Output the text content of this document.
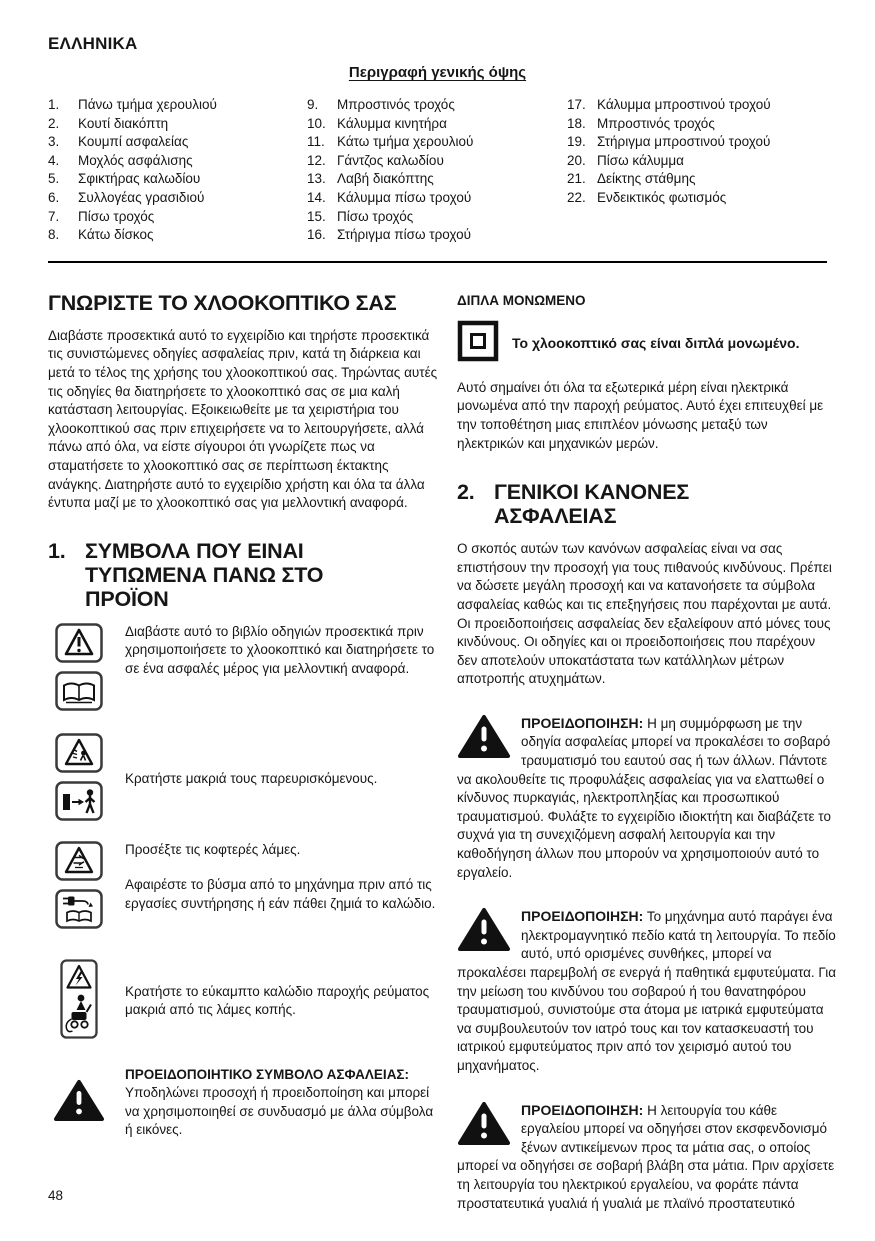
ΕΛΛΗΝΙΚΑ
Περιγραφή γενικής όψης
1.	Πάνω τμήμα χερουλιού
2.	Κουτί διακόπτη
3.	Κουμπί ασφαλείας
4.	Μοχλός ασφάλισης
5.	Σφικτήρας καλωδίου
6.	Συλλογέας γρασιδιού
7.	Πίσω τροχός
8.	Κάτω δίσκος
9.	Μπροστινός τροχός
10. Κάλυμμα κινητήρα
11. Κάτω τμήμα χερουλιού
12. Γάντζος καλωδίου
13. Λαβή διακόπτης
14. Κάλυμμα πίσω τροχού
15. Πίσω τροχός
16. Στήριγμα πίσω τροχού
17. Κάλυμμα μπροστινού τροχού
18. Μπροστινός τροχός
19. Στήριγμα μπροστινού τροχού
20. Πίσω κάλυμμα
21. Δείκτης στάθμης
22. Ενδεικτικός φωτισμός
ΓΝΩΡΙΣΤΕ ΤΟ ΧΛΟΟΚΟΠΤΙΚΟ ΣΑΣ

Διαβάστε προσεκτικά αυτό το εγχειρίδιο και τηρήστε προσεκτικά τις συνιστώμενες οδηγίες ασφαλείας πριν, κατά τη διάρκεια και μετά το τέλος της χρήσης του χλοοκοπτικού σας. Τηρώντας αυτές τις οδηγίες θα διατηρήσετε το χλοοκοπτικό σας σε μια καλή κατάσταση λειτουργίας. Εξοικειωθείτε με τα χειριστήρια του χλοοκοπτικού σας πριν επιχειρήσετε να το λειτουργήσετε, αλλά πάνω από όλα, να είστε σίγουροι ότι γνωρίζετε πως να σταματήσετε το χλοοκοπτικό σας σε περίπτωση έκτακτης ανάγκης. Διατηρήστε αυτό το εγχειρίδιο χρήστη και όλα τα άλλα έντυπα μαζί με το χλοοκοπτικό σας για μελλοντική αναφορά.

1. ΣΥΜΒΟΛΑ ΠΟΥ ΕΙΝΑΙ ΤΥΠΩΜΕΝΑ ΠΑΝΩ ΣΤΟ ΠΡΟΪΟΝ
Διαβάστε αυτό το βιβλίο οδηγιών προσεκτικά πριν χρησιμοποιήσετε το χλοοκοπτικό και διατηρήσετε το σε ένα ασφαλές μέρος για μελλοντική αναφορά.
Κρατήστε μακριά τους παρευρισκόμενους.
Προσέξτε τις κοφτερές λάμες.
Αφαιρέστε το βύσμα από το μηχάνημα πριν από τις εργασίες συντήρησης ή εάν πάθει ζημιά το καλώδιο.
Κρατήστε το εύκαμπτο καλώδιο παροχής ρεύματος μακριά από τις λάμες κοπής.
ΠΡΟΕΙΔΟΠΟΙΗΤΙΚΟ ΣΥΜΒΟΛΟ ΑΣΦΑΛΕΙΑΣ: Υποδηλώνει προσοχή ή προειδοποίηση και μπορεί να χρησιμοποιηθεί σε συνδυασμό με άλλα σύμβολα ή εικόνες.
ΔΙΠΛΑ ΜΟΝΩΜΕΝΟ
Το χλοοκοπτικό σας είναι διπλά μονωμένο.

Αυτό σημαίνει ότι όλα τα εξωτερικά μέρη είναι ηλεκτρικά μονωμένα από την παροχή ρεύματος. Αυτό έχει επιτευχθεί με την τοποθέτηση μιας επιπλέον μόνωσης μεταξύ των ηλεκτρικών και μηχανικών μερών.

2. ΓΕΝΙΚΟΙ ΚΑΝΟΝΕΣ ΑΣΦΑΛΕΙΑΣ

Ο σκοπός αυτών των κανόνων ασφαλείας είναι να σας επιστήσουν την προσοχή για τους πιθανούς κινδύνους. Πρέπει να δώσετε μεγάλη προσοχή και να κατανοήσετε τα σύμβολα ασφαλείας καθώς και τις επεξηγήσεις που παρέχονται με αυτά. Οι προειδοποιήσεις ασφαλείας δεν εξαλείφουν από μόνες τους κινδύνους. Οι οδηγίες και οι προειδοποιήσεις που παρέχουν δεν αποτελούν υποκατάστατα των κατάλληλων μέτρων αποτροπής ατυχημάτων.

ΠΡΟΕΙΔΟΠΟΙΗΣΗ: Η μη συμμόρφωση με την οδηγία ασφαλείας μπορεί να προκαλέσει το σοβαρό τραυματισμό του εαυτού σας ή των άλλων. Πάντοτε να ακολουθείτε τις προφυλάξεις ασφαλείας για να ελαττωθεί ο κίνδυνος πυρκαγιάς, ηλεκτροπληξίας και προσωπικού τραυματισμού. Φυλάξτε το εγχειρίδιο ιδιοκτήτη και διαβάζετε το συχνά για τη συνεχιζόμενη ασφαλή λειτουργία και την καθοδήγηση άλλων που μπορούν να χρησιμοποιούν αυτό το εργαλείο.
ΠΡΟΕΙΔΟΠΟΙΗΣΗ: Το μηχάνημα αυτό παράγει ένα ηλεκτρομαγνητικό πεδίο κατά τη λειτουργία. Το πεδίο αυτό, υπό ορισμένες συνθήκες, μπορεί να προκαλέσει παρεμβολή σε ενεργά ή παθητικά εμφυτεύματα. Για την μείωση του κινδύνου του σοβαρού ή του θανατηφόρου τραυματισμού, συνιστούμε στα άτομα με ιατρικά εμφυτεύματα να συμβουλευτούν τον ιατρό τους και τον κατασκευαστή του ιατρικού εμφυτεύματος πριν από τον χειρισμό αυτού του μηχανήματος.
ΠΡΟΕΙΔΟΠΟΙΗΣΗ: Η λειτουργία του κάθε εργαλείου μπορεί να οδηγήσει στον εκσφενδονισμό ξένων αντικείμενων προς τα μάτια σας, ο οποίος μπορεί να οδηγήσει σε σοβαρή βλάβη στα μάτια. Πριν αρχίσετε τη λειτουργία του ηλεκτρικού εργαλείου, να φοράτε πάντα προστατευτικά γυαλιά ή γυαλιά με πλαϊνό προστατευτικό
48
